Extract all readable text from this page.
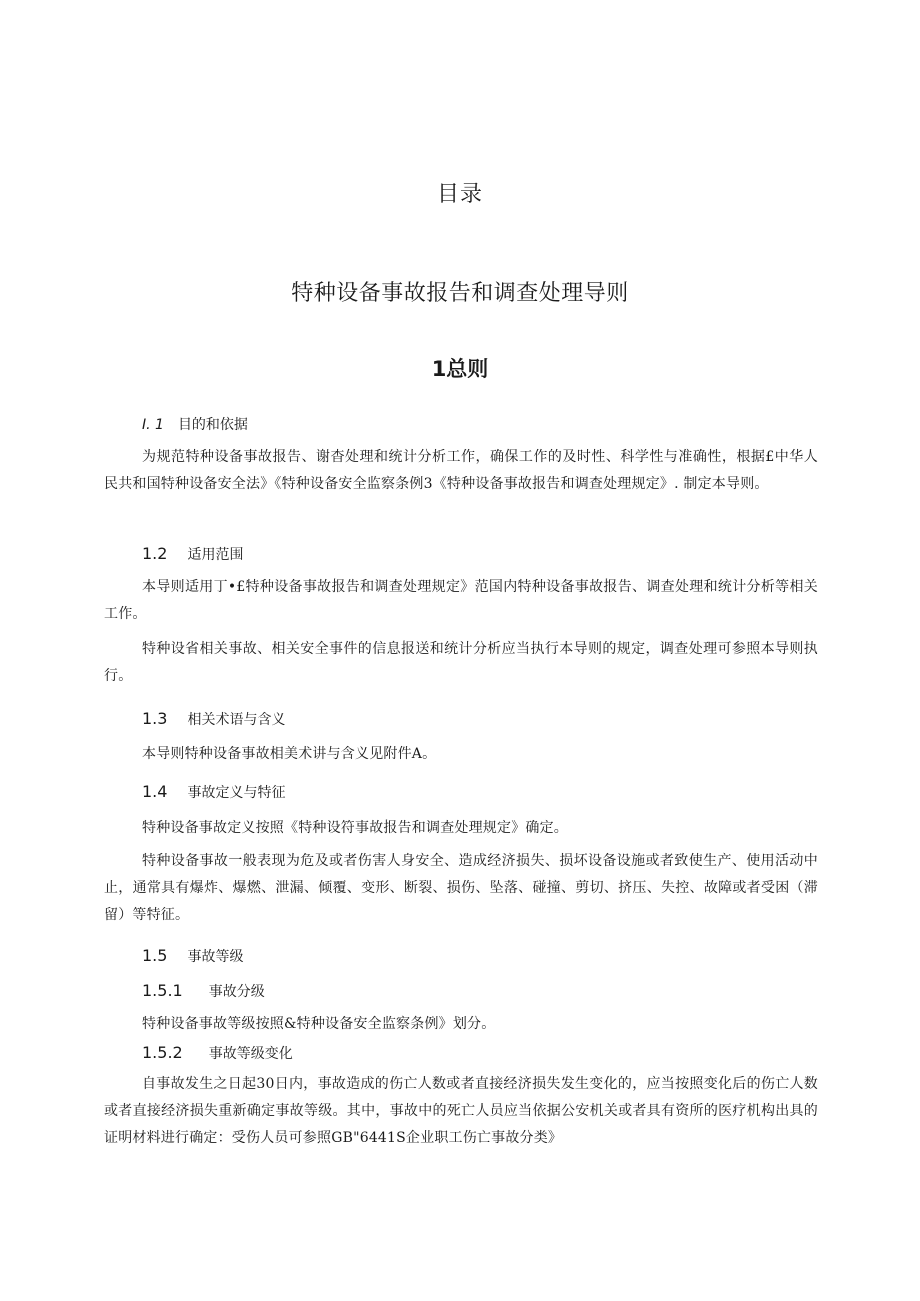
目录
特种设备事故报告和调查处理导则
1总则
I. 1 目的和依据
为规范特种设备事故报告、谢杳处理和统计分析工作，确保工作的及时性、科学性与准确性，根据£中华人民共和国特种设备安全法》《特种设备安全监察条例3《特种设备事故报告和调查处理规定》. 制定本导则。
1.2 适用范围
本导则适用丁•£特种设备事故报告和调查处理规定》范国内特种设备事故报告、调查处理和统计分析等相关工作。
特种设省相关事故、相关安全事件的信息报送和统计分析应当执行本导则的规定，调查处理可参照本导则执行。
1.3 相关术语与含义
本导则特种设备事故相美术讲与含义见附件A。
1.4 事故定义与特征
特种设备事故定义按照《特种设符事故报告和调查处理规定》确定。
特种设备事故一般表现为危及或者伤害人身安全、造成经济损失、损坏设备设施或者致使生产、使用活动中止，通常具有爆炸、爆燃、泄漏、倾覆、变形、断裂、损伤、坠落、碰撞、剪切、挤压、失控、故障或者受困（滞留）等特征。
1.5 事故等级
1.5.1 事故分级
特种设备事故等级按照&特种设备安全监察条例》划分。
1.5.2 事故等级变化
自事故发生之日起30日内，事故造成的伤亡人数或者直接经济损失发生变化的，应当按照变化后的伤亡人数或者直接经济损失重新确定事故等级。其中，事故中的死亡人员应当依据公安机关或者具有资所的医疗机构出具的证明材料进行确定：受伤人员可参照GB"6441S企业职工伤亡事故分类》
